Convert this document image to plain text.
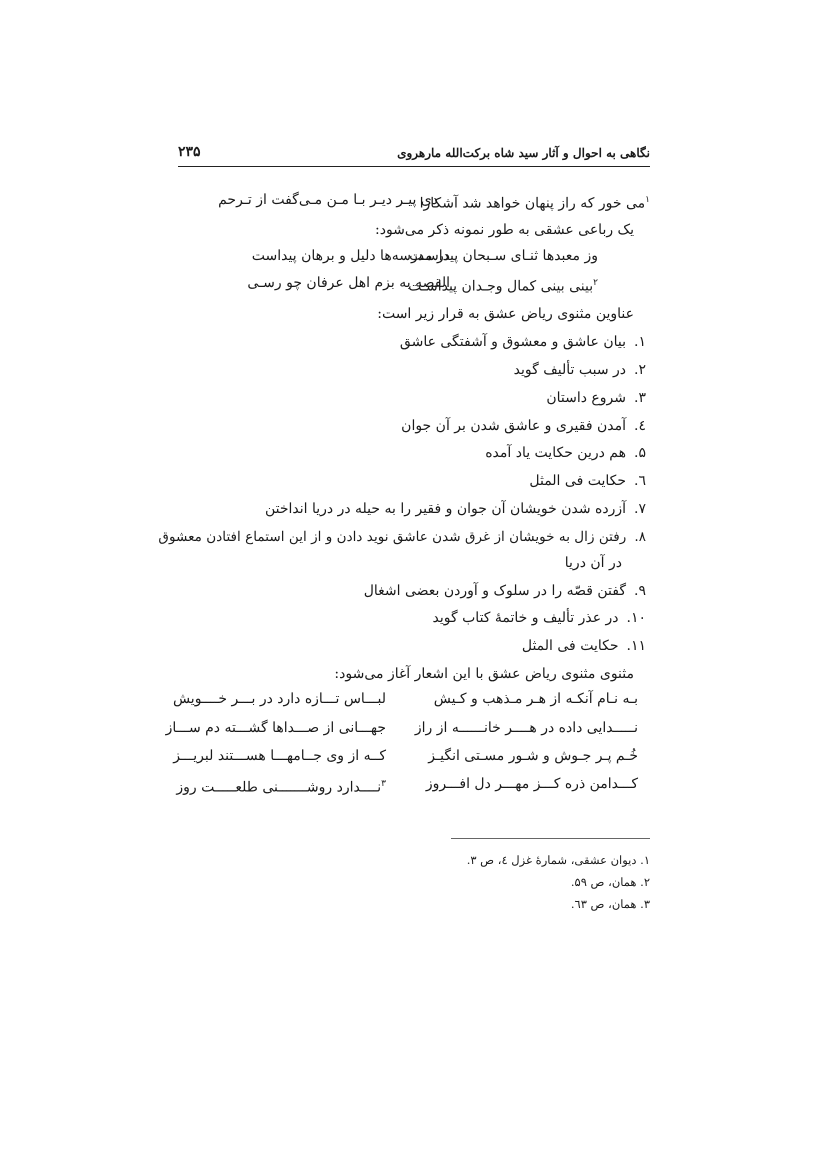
نگاهی به احوال و آثار سید شاه برکت‌الله مارهروی
۲۳۵
دی پیـر دیـر بـا مـن مـی‌گفت از تـرحم	$^۱$می خور که راز پنهان خواهد شد آشکارا
یک رباعی عشقی به طور نمونه ذکر می‌شود:
در مدرسه‌ها دلیل و برهان پیداست
وز معبدها ثنـای سـبحان پیداسـت
القصه به بزم اهل عرفان چو رسـی	$^۲$بینی بینی کمال وجـدان پیداسـت
عناوین مثنوی ریاض عشق به قرار زیر است:
۱.بیان عاشق و معشوق و آشفتگی عاشق
۲.در سبب تألیف گوید
۳.شروع داستان
٤.آمدن فقیری و عاشق شدن بر آن جوان
۵.هم درین حکایت یاد آمده
٦.حکایت فی المثل
۷.آزرده شدن خویشان آن جوان و فقیر را به حیله در دریا انداختن
۸.رفتن زال به خویشان از غرق شدن عاشق نوید دادن و از این استماع افتادن معشوق
در آن دریا
۹.گفتن قصّه را در سلوک و آوردن بعضی اشغال
۱۰.در عذر تألیف و خاتمهٔ کتاب گوید
۱۱.حکایت فی المثل
مثنوی مثنوی ریاض عشق با این اشعار آغاز می‌شود:
بـه نـام آنکـه از هـر مـذهب و کـیش
لبـــاس تـــازه دارد در بـــر خــــویش
نـــــدایی داده در هــــر خانــــــه از راز
جهـــانی از صـــداها گشـــته دم ســـاز
خُـم پـر جـوش و شـور مسـتی انگیـز
کــه از وی جــامهـــا هســـتند لبریـــز
کـــدامن ذره کـــز مهـــر دل افـــروز
$^۳$نــــدارد روشـــــــنی طلعـــــت روز
۱. دیوان عشقی، شمارهٔ غزل ٤، ص ۳.
۲. همان، ص ۵۹.
۳. همان، ص ٦۳.
